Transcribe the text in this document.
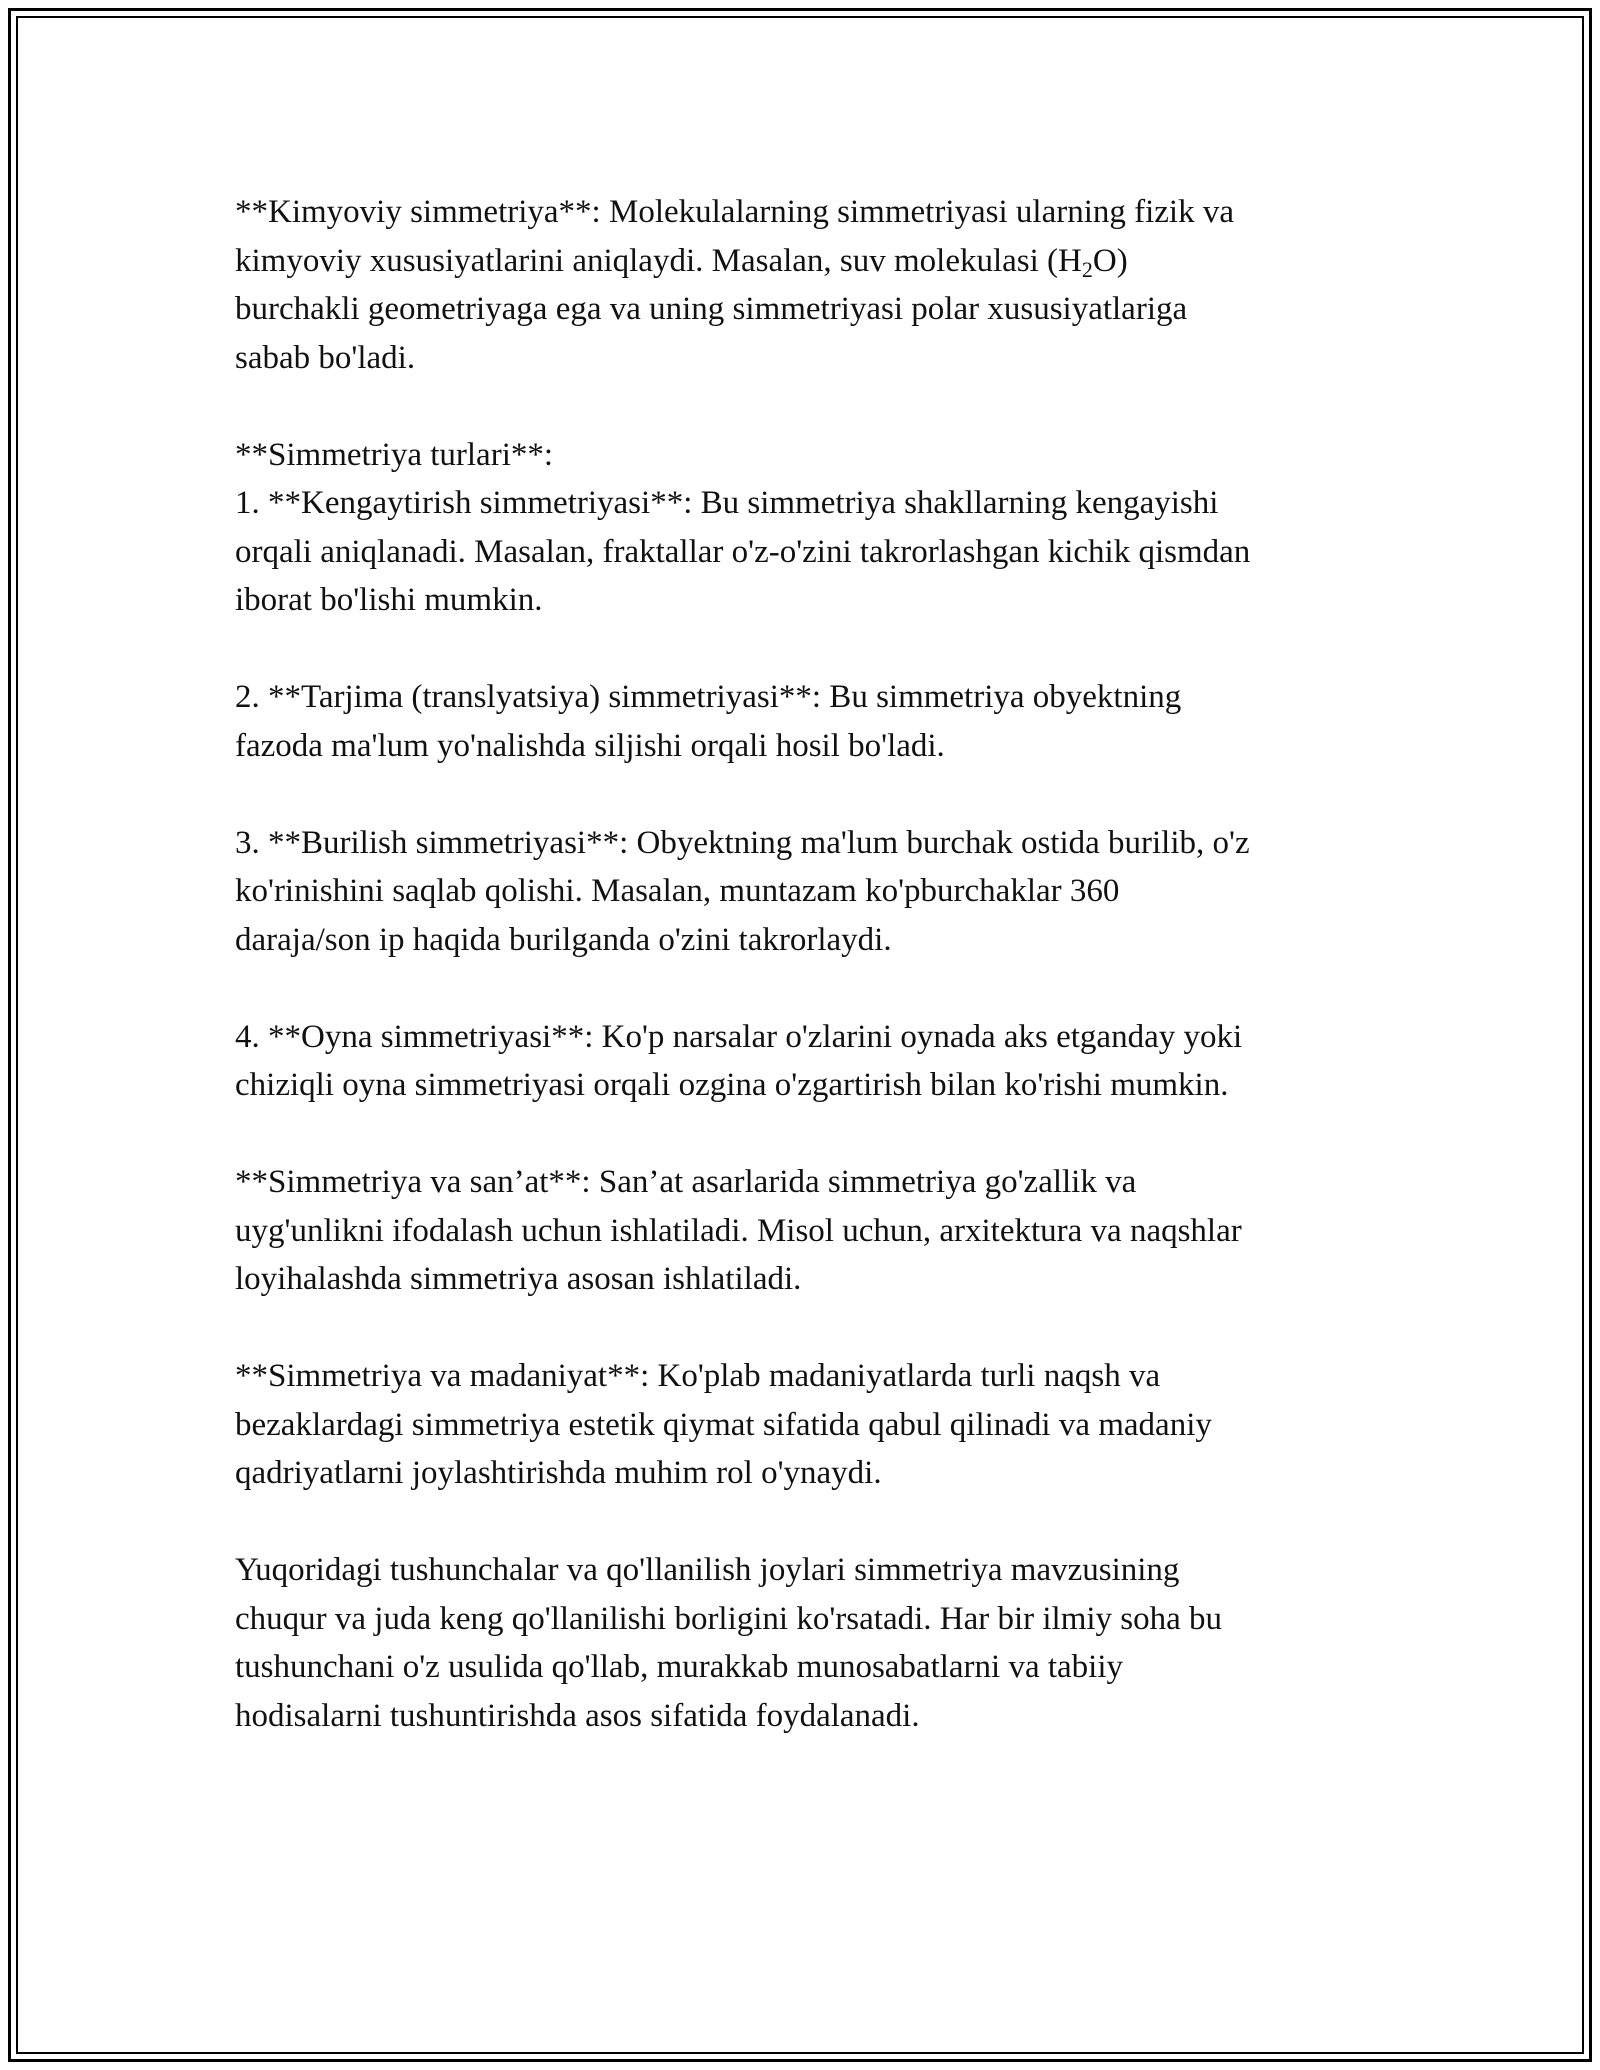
**Kimyoviy simmetriya**: Molekulalarning simmetriyasi ularning fizik va
kimyoviy xususiyatlarini aniqlaydi. Masalan, suv molekulasi $(H_2O)$
burchakli geometriyaga ega va uning simmetriyasi polar xususiyatlariga
sabab bo'ladi.
**Simmetriya turlari**:
1. **Kengaytirish simmetriyasi**: Bu simmetriya shakllarning kengayishi
orqali aniqlanadi. Masalan, fraktallar o'z-o'zini takrorlashgan kichik qismdan
iborat bo'lishi mumkin.
2. **Tarjima (translyatsiya) simmetriyasi**: Bu simmetriya obyektning
fazoda ma'lum yo'nalishda siljishi orqali hosil bo'ladi.
3. **Burilish simmetriyasi**: Obyektning ma'lum burchak ostida burilib, o'z
ko'rinishini saqlab qolishi. Masalan, muntazam ko'pburchaklar 360
daraja/son ip haqida burilganda o'zini takrorlaydi.
4. **Oyna simmetriyasi**: Ko'p narsalar o'zlarini oynada aks etganday yoki
chiziqli oyna simmetriyasi orqali ozgina o'zgartirish bilan ko'rishi mumkin.
**Simmetriya va san’at**: San’at asarlarida simmetriya go'zallik va
uyg'unlikni ifodalash uchun ishlatiladi. Misol uchun, arxitektura va naqshlar
loyihalashda simmetriya asosan ishlatiladi.
**Simmetriya va madaniyat**: Ko'plab madaniyatlarda turli naqsh va
bezaklardagi simmetriya estetik qiymat sifatida qabul qilinadi va madaniy
qadriyatlarni joylashtirishda muhim rol o'ynaydi.
Yuqoridagi tushunchalar va qo'llanilish joylari simmetriya mavzusining
chuqur va juda keng qo'llanilishi borligini ko'rsatadi. Har bir ilmiy soha bu
tushunchani o'z usulida qo'llab, murakkab munosabatlarni va tabiiy
hodisalarni tushuntirishda asos sifatida foydalanadi.
